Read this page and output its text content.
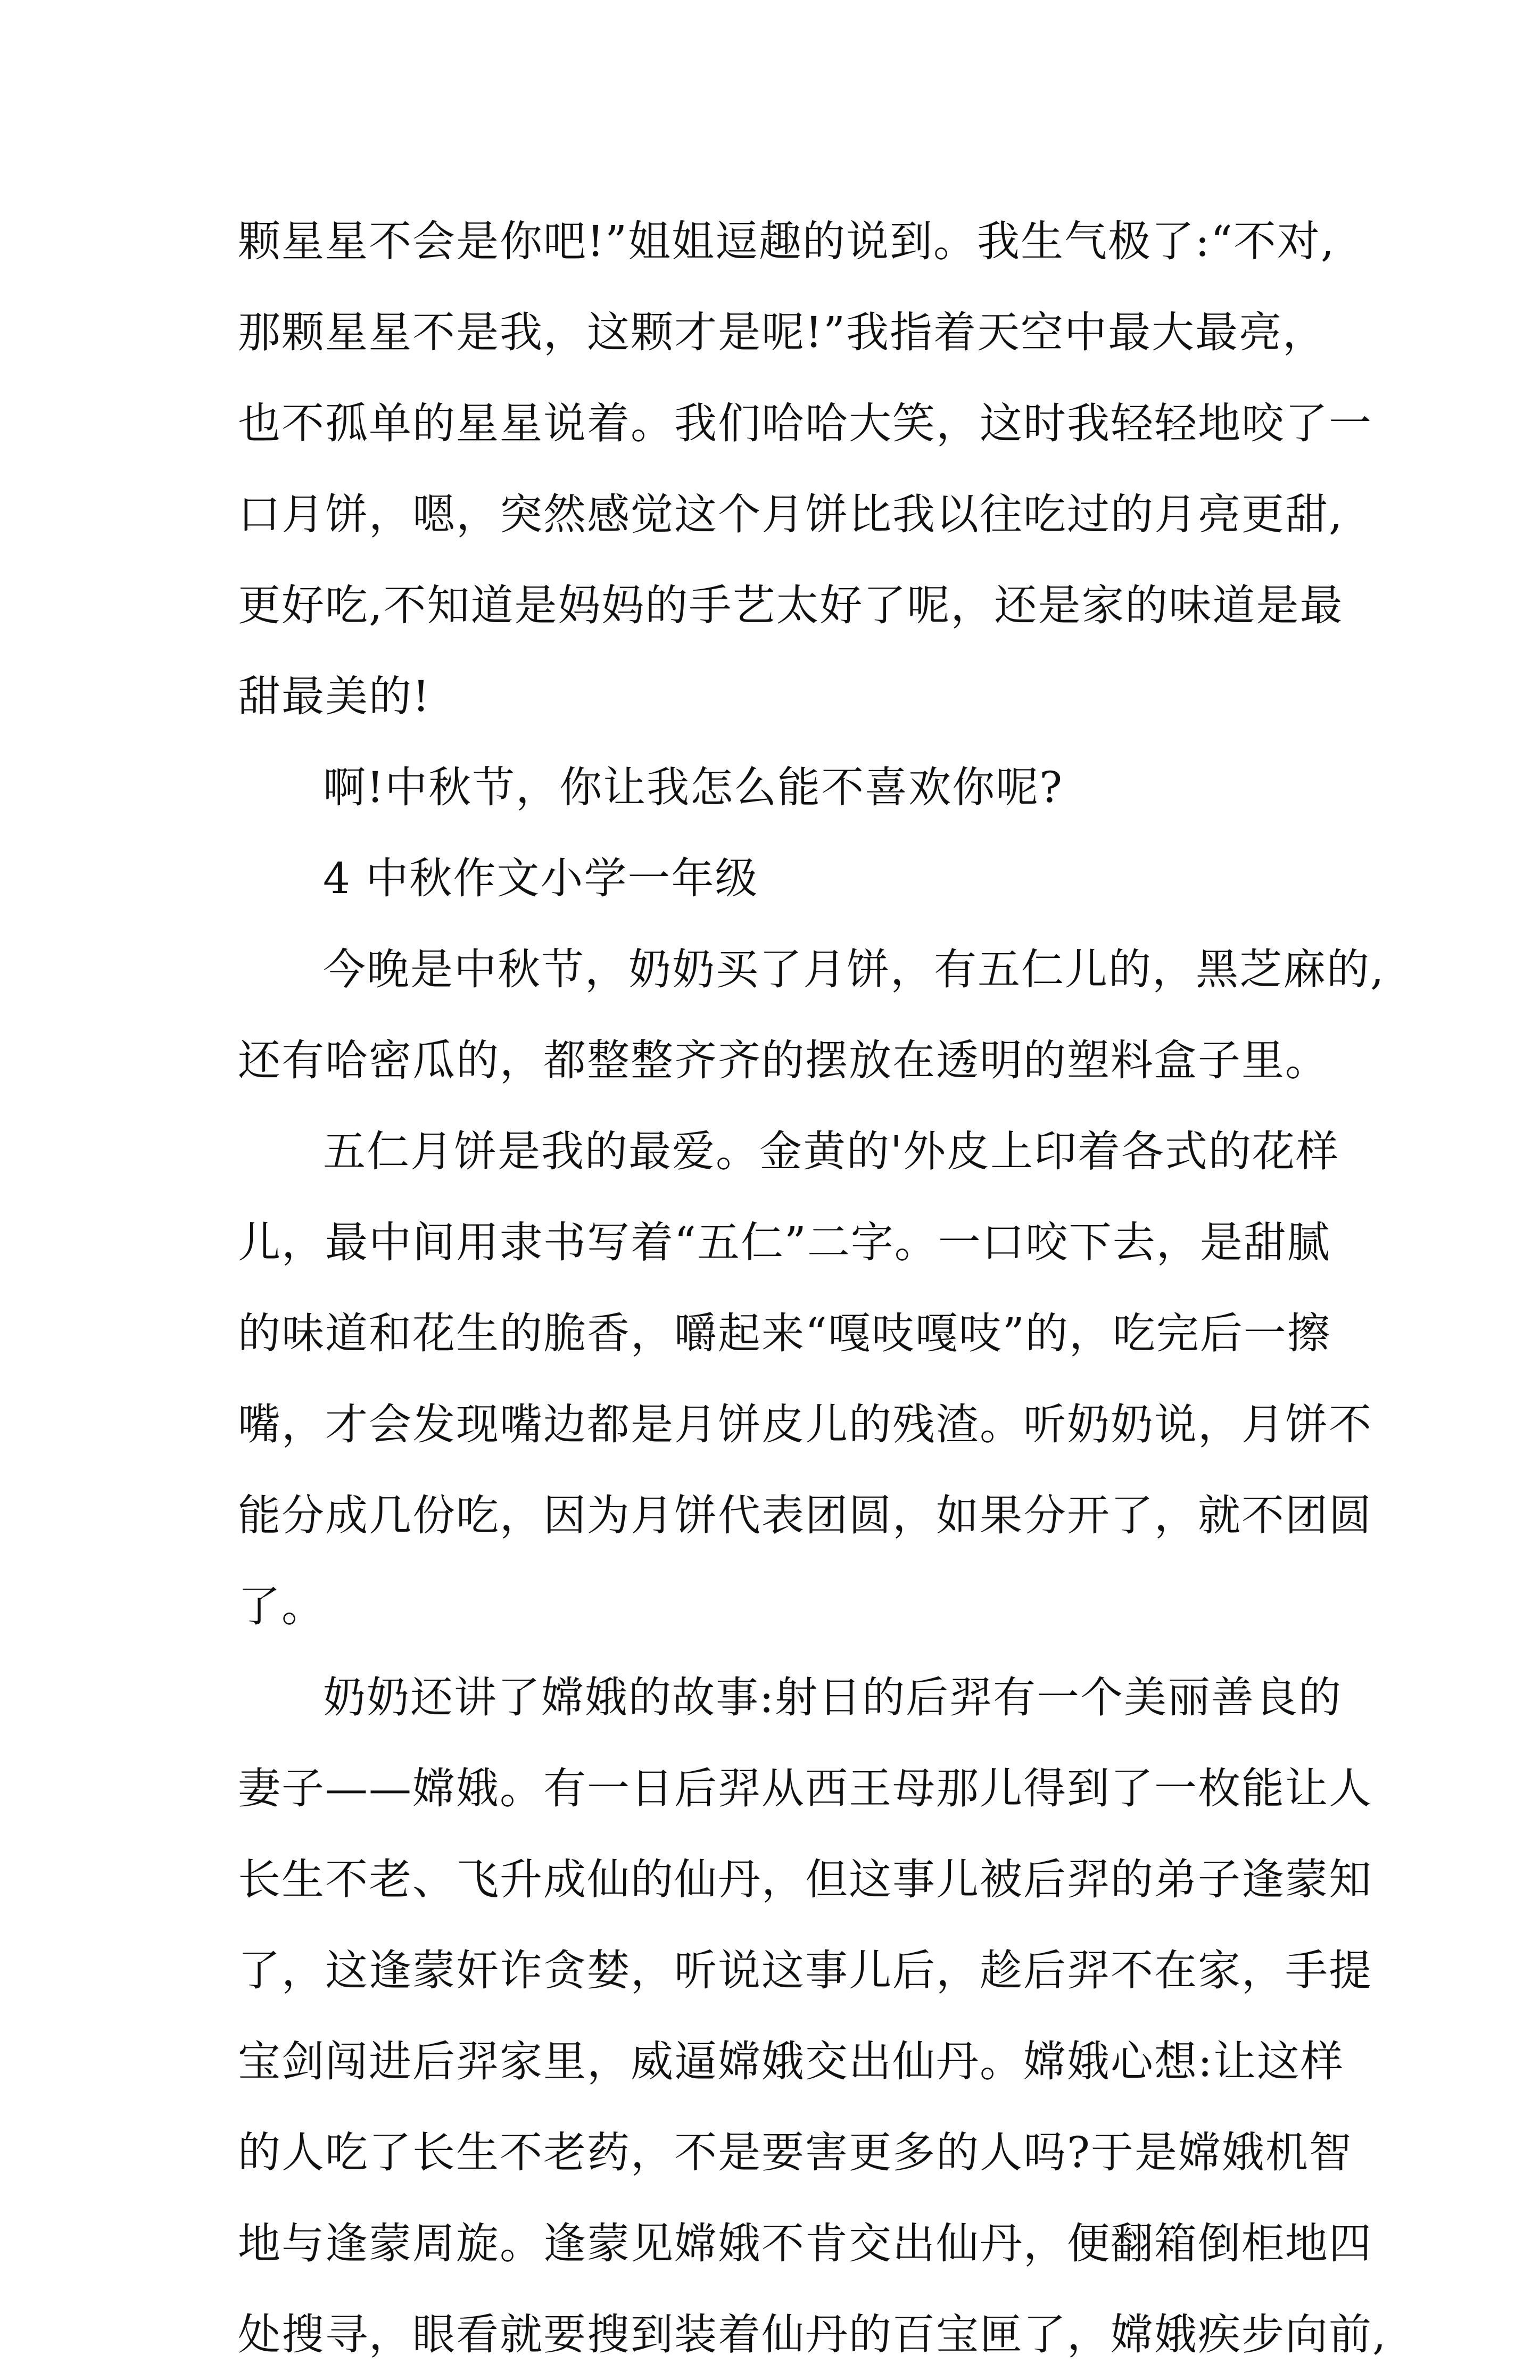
颗星星不会是你吧!”姐姐逗趣的说到。我生气极了:“不对,
那颗星星不是我，这颗才是呢!”我指着天空中最大最亮，
也不孤单的星星说着。我们哈哈大笑，这时我轻轻地咬了一
口月饼，嗯，突然感觉这个月饼比我以往吃过的月亮更甜,
更好吃,不知道是妈妈的手艺太好了呢，还是家的味道是最
甜最美的!
啊!中秋节，你让我怎么能不喜欢你呢?
4 中秋作文小学一年级
今晚是中秋节，奶奶买了月饼，有五仁儿的，黑芝麻的,
还有哈密瓜的，都整整齐齐的摆放在透明的塑料盒子里。
五仁月饼是我的最爱。金黄的'外皮上印着各式的花样
儿，最中间用隶书写着“五仁”二字。一口咬下去，是甜腻
的味道和花生的脆香，嚼起来“嘎吱嘎吱”的，吃完后一擦
嘴，才会发现嘴边都是月饼皮儿的残渣。听奶奶说，月饼不
能分成几份吃，因为月饼代表团圆，如果分开了，就不团圆
了。
奶奶还讲了嫦娥的故事:射日的后羿有一个美丽善良的
妻子——嫦娥。有一日后羿从西王母那儿得到了一枚能让人
长生不老、飞升成仙的仙丹，但这事儿被后羿的弟子逢蒙知
了，这逢蒙奸诈贪婪，听说这事儿后，趁后羿不在家，手提
宝剑闯进后羿家里，威逼嫦娥交出仙丹。嫦娥心想:让这样
的人吃了长生不老药，不是要害更多的人吗?于是嫦娥机智
地与逢蒙周旋。逢蒙见嫦娥不肯交出仙丹，便翻箱倒柜地四
处搜寻，眼看就要搜到装着仙丹的百宝匣了，嫦娥疾步向前,
